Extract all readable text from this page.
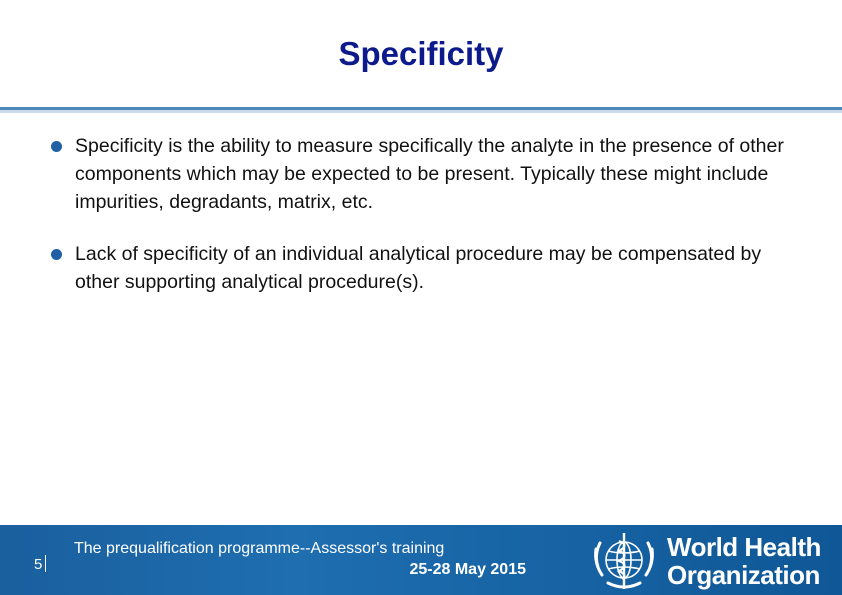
Specificity
Specificity is the ability to measure specifically the analyte in the presence of other components which may be expected to be present. Typically these might include impurities, degradants, matrix, etc.
Lack of specificity of an individual analytical procedure may be compensated by other supporting analytical procedure(s).
5
The prequalification programme--Assessor's training
25-28 May 2015
World Health
Organization
